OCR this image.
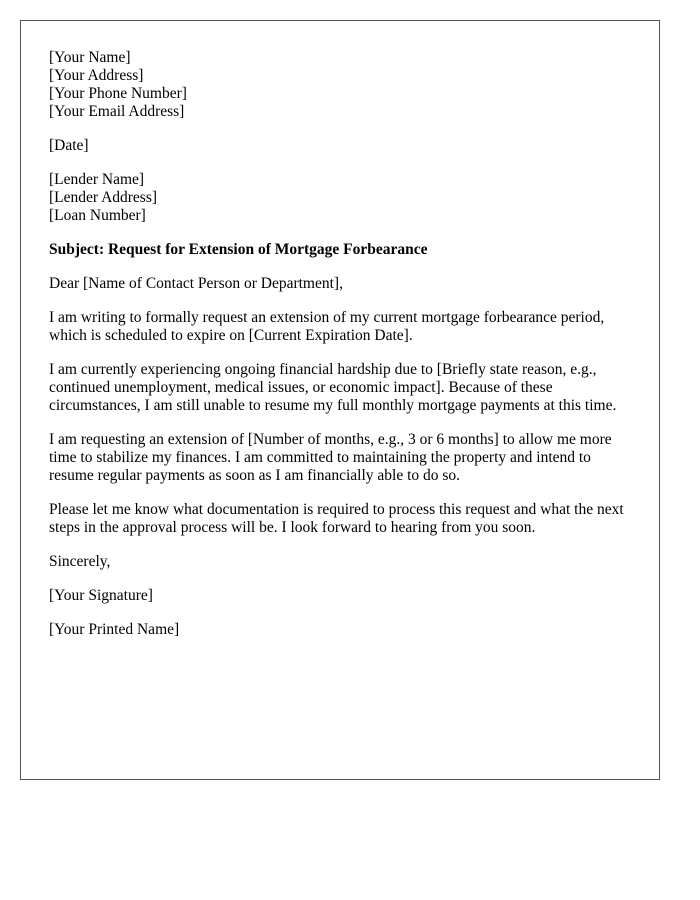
[Your Name]
[Your Address]
[Your Phone Number]
[Your Email Address]
[Date]
[Lender Name]
[Lender Address]
[Loan Number]

Subject: Request for Extension of Mortgage Forbearance

Dear [Name of Contact Person or Department],

I am writing to formally request an extension of my current mortgage forbearance period, which is scheduled to expire on [Current Expiration Date].

I am currently experiencing ongoing financial hardship due to [Briefly state reason, e.g., continued unemployment, medical issues, or economic impact]. Because of these circumstances, I am still unable to resume my full monthly mortgage payments at this time.

I am requesting an extension of [Number of months, e.g., 3 or 6 months] to allow me more time to stabilize my finances. I am committed to maintaining the property and intend to resume regular payments as soon as I am financially able to do so.

Please let me know what documentation is required to process this request and what the next steps in the approval process will be. I look forward to hearing from you soon.

Sincerely,

[Your Signature]

[Your Printed Name]
